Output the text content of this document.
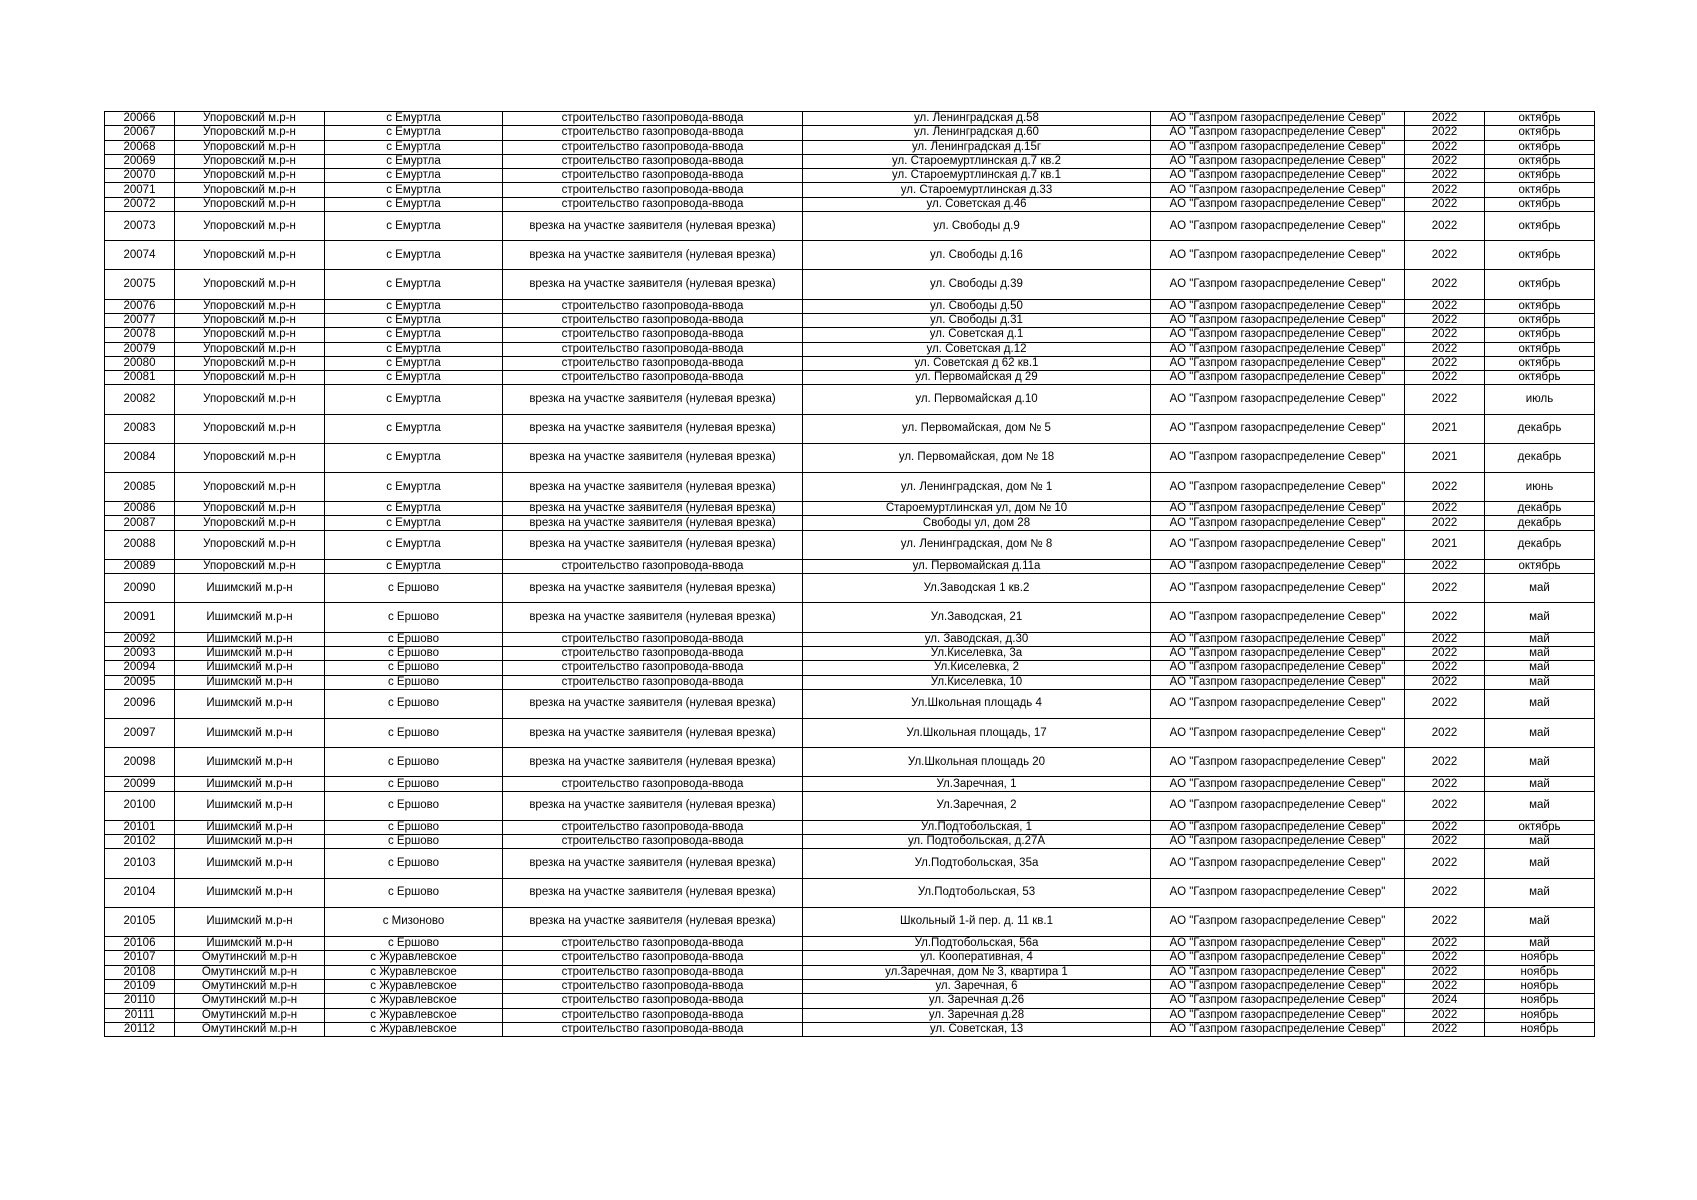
20066	Упоровский м.р-н	с Емуртла	строительство газопровода-ввода	ул. Ленинградская д.58	АО "Газпром газораспределение Север"	2022	октябрь
20067	Упоровский м.р-н	с Емуртла	строительство газопровода-ввода	ул. Ленинградская д.60	АО "Газпром газораспределение Север"	2022	октябрь
20068	Упоровский м.р-н	с Емуртла	строительство газопровода-ввода	ул. Ленинградская д.15г	АО "Газпром газораспределение Север"	2022	октябрь
20069	Упоровский м.р-н	с Емуртла	строительство газопровода-ввода	ул. Староемуртлинская д.7 кв.2	АО "Газпром газораспределение Север"	2022	октябрь
20070	Упоровский м.р-н	с Емуртла	строительство газопровода-ввода	ул. Староемуртлинская д.7 кв.1	АО "Газпром газораспределение Север"	2022	октябрь
20071	Упоровский м.р-н	с Емуртла	строительство газопровода-ввода	ул. Староемуртлинская д.33	АО "Газпром газораспределение Север"	2022	октябрь
20072	Упоровский м.р-н	с Емуртла	строительство газопровода-ввода	ул. Советская д.46	АО "Газпром газораспределение Север"	2022	октябрь
20073	Упоровский м.р-н	с Емуртла	врезка на участке заявителя (нулевая врезка)	ул. Свободы д.9	АО "Газпром газораспределение Север"	2022	октябрь
20074	Упоровский м.р-н	с Емуртла	врезка на участке заявителя (нулевая врезка)	ул. Свободы д.16	АО "Газпром газораспределение Север"	2022	октябрь
20075	Упоровский м.р-н	с Емуртла	врезка на участке заявителя (нулевая врезка)	ул. Свободы д.39	АО "Газпром газораспределение Север"	2022	октябрь
20076	Упоровский м.р-н	с Емуртла	строительство газопровода-ввода	ул. Свободы д.50	АО "Газпром газораспределение Север"	2022	октябрь
20077	Упоровский м.р-н	с Емуртла	строительство газопровода-ввода	ул. Свободы д.31	АО "Газпром газораспределение Север"	2022	октябрь
20078	Упоровский м.р-н	с Емуртла	строительство газопровода-ввода	ул. Советская д.1	АО "Газпром газораспределение Север"	2022	октябрь
20079	Упоровский м.р-н	с Емуртла	строительство газопровода-ввода	ул. Советская д.12	АО "Газпром газораспределение Север"	2022	октябрь
20080	Упоровский м.р-н	с Емуртла	строительство газопровода-ввода	ул. Советская д 62 кв.1	АО "Газпром газораспределение Север"	2022	октябрь
20081	Упоровский м.р-н	с Емуртла	строительство газопровода-ввода	ул. Первомайская д 29	АО "Газпром газораспределение Север"	2022	октябрь
20082	Упоровский м.р-н	с Емуртла	врезка на участке заявителя (нулевая врезка)	ул. Первомайская д.10	АО "Газпром газораспределение Север"	2022	июль
20083	Упоровский м.р-н	с Емуртла	врезка на участке заявителя (нулевая врезка)	ул. Первомайская, дом № 5	АО "Газпром газораспределение Север"	2021	декабрь
20084	Упоровский м.р-н	с Емуртла	врезка на участке заявителя (нулевая врезка)	ул. Первомайская, дом № 18	АО "Газпром газораспределение Север"	2021	декабрь
20085	Упоровский м.р-н	с Емуртла	врезка на участке заявителя (нулевая врезка)	ул. Ленинградская, дом № 1	АО "Газпром газораспределение Север"	2022	июнь
20086	Упоровский м.р-н	с Емуртла	врезка на участке заявителя (нулевая врезка)	Староемуртлинская ул, дом № 10	АО "Газпром газораспределение Север"	2022	декабрь
20087	Упоровский м.р-н	с Емуртла	врезка на участке заявителя (нулевая врезка)	Свободы ул, дом 28	АО "Газпром газораспределение Север"	2022	декабрь
20088	Упоровский м.р-н	с Емуртла	врезка на участке заявителя (нулевая врезка)	ул. Ленинградская, дом № 8	АО "Газпром газораспределение Север"	2021	декабрь
20089	Упоровский м.р-н	с Емуртла	строительство газопровода-ввода	ул. Первомайская д.11а	АО "Газпром газораспределение Север"	2022	октябрь
20090	Ишимский м.р-н	с Ершово	врезка на участке заявителя (нулевая врезка)	Ул.Заводская 1 кв.2	АО "Газпром газораспределение Север"	2022	май
20091	Ишимский м.р-н	с Ершово	врезка на участке заявителя (нулевая врезка)	Ул.Заводская, 21	АО "Газпром газораспределение Север"	2022	май
20092	Ишимский м.р-н	с Ершово	строительство газопровода-ввода	ул. Заводская, д.30	АО "Газпром газораспределение Север"	2022	май
20093	Ишимский м.р-н	с Ершово	строительство газопровода-ввода	Ул.Киселевка, 3а	АО "Газпром газораспределение Север"	2022	май
20094	Ишимский м.р-н	с Ершово	строительство газопровода-ввода	Ул.Киселевка, 2	АО "Газпром газораспределение Север"	2022	май
20095	Ишимский м.р-н	с Ершово	строительство газопровода-ввода	Ул.Киселевка, 10	АО "Газпром газораспределение Север"	2022	май
20096	Ишимский м.р-н	с Ершово	врезка на участке заявителя (нулевая врезка)	Ул.Школьная площадь 4	АО "Газпром газораспределение Север"	2022	май
20097	Ишимский м.р-н	с Ершово	врезка на участке заявителя (нулевая врезка)	Ул.Школьная площадь, 17	АО "Газпром газораспределение Север"	2022	май
20098	Ишимский м.р-н	с Ершово	врезка на участке заявителя (нулевая врезка)	Ул.Школьная площадь 20	АО "Газпром газораспределение Север"	2022	май
20099	Ишимский м.р-н	с Ершово	строительство газопровода-ввода	Ул.Заречная, 1	АО "Газпром газораспределение Север"	2022	май
20100	Ишимский м.р-н	с Ершово	врезка на участке заявителя (нулевая врезка)	Ул.Заречная, 2	АО "Газпром газораспределение Север"	2022	май
20101	Ишимский м.р-н	с Ершово	строительство газопровода-ввода	Ул.Подтобольская, 1	АО "Газпром газораспределение Север"	2022	октябрь
20102	Ишимский м.р-н	с Ершово	строительство газопровода-ввода	ул. Подтобольская, д.27А	АО "Газпром газораспределение Север"	2022	май
20103	Ишимский м.р-н	с Ершово	врезка на участке заявителя (нулевая врезка)	Ул.Подтобольская, 35а	АО "Газпром газораспределение Север"	2022	май
20104	Ишимский м.р-н	с Ершово	врезка на участке заявителя (нулевая врезка)	Ул.Подтобольская, 53	АО "Газпром газораспределение Север"	2022	май
20105	Ишимский м.р-н	с Мизоново	врезка на участке заявителя (нулевая врезка)	Школьный 1-й пер. д. 11 кв.1	АО "Газпром газораспределение Север"	2022	май
20106	Ишимский м.р-н	с Ершово	строительство газопровода-ввода	Ул.Подтобольская, 56а	АО "Газпром газораспределение Север"	2022	май
20107	Омутинский м.р-н	с Журавлевское	строительство газопровода-ввода	ул. Кооперативная, 4	АО "Газпром газораспределение Север"	2022	ноябрь
20108	Омутинский м.р-н	с Журавлевское	строительство газопровода-ввода	ул.Заречная, дом № 3, квартира 1	АО "Газпром газораспределение Север"	2022	ноябрь
20109	Омутинский м.р-н	с Журавлевское	строительство газопровода-ввода	ул. Заречная, 6	АО "Газпром газораспределение Север"	2022	ноябрь
20110	Омутинский м.р-н	с Журавлевское	строительство газопровода-ввода	ул. Заречная д.26	АО "Газпром газораспределение Север"	2024	ноябрь
20111	Омутинский м.р-н	с Журавлевское	строительство газопровода-ввода	ул. Заречная д.28	АО "Газпром газораспределение Север"	2022	ноябрь
20112	Омутинский м.р-н	с Журавлевское	строительство газопровода-ввода	ул. Советская, 13	АО "Газпром газораспределение Север"	2022	ноябрь
